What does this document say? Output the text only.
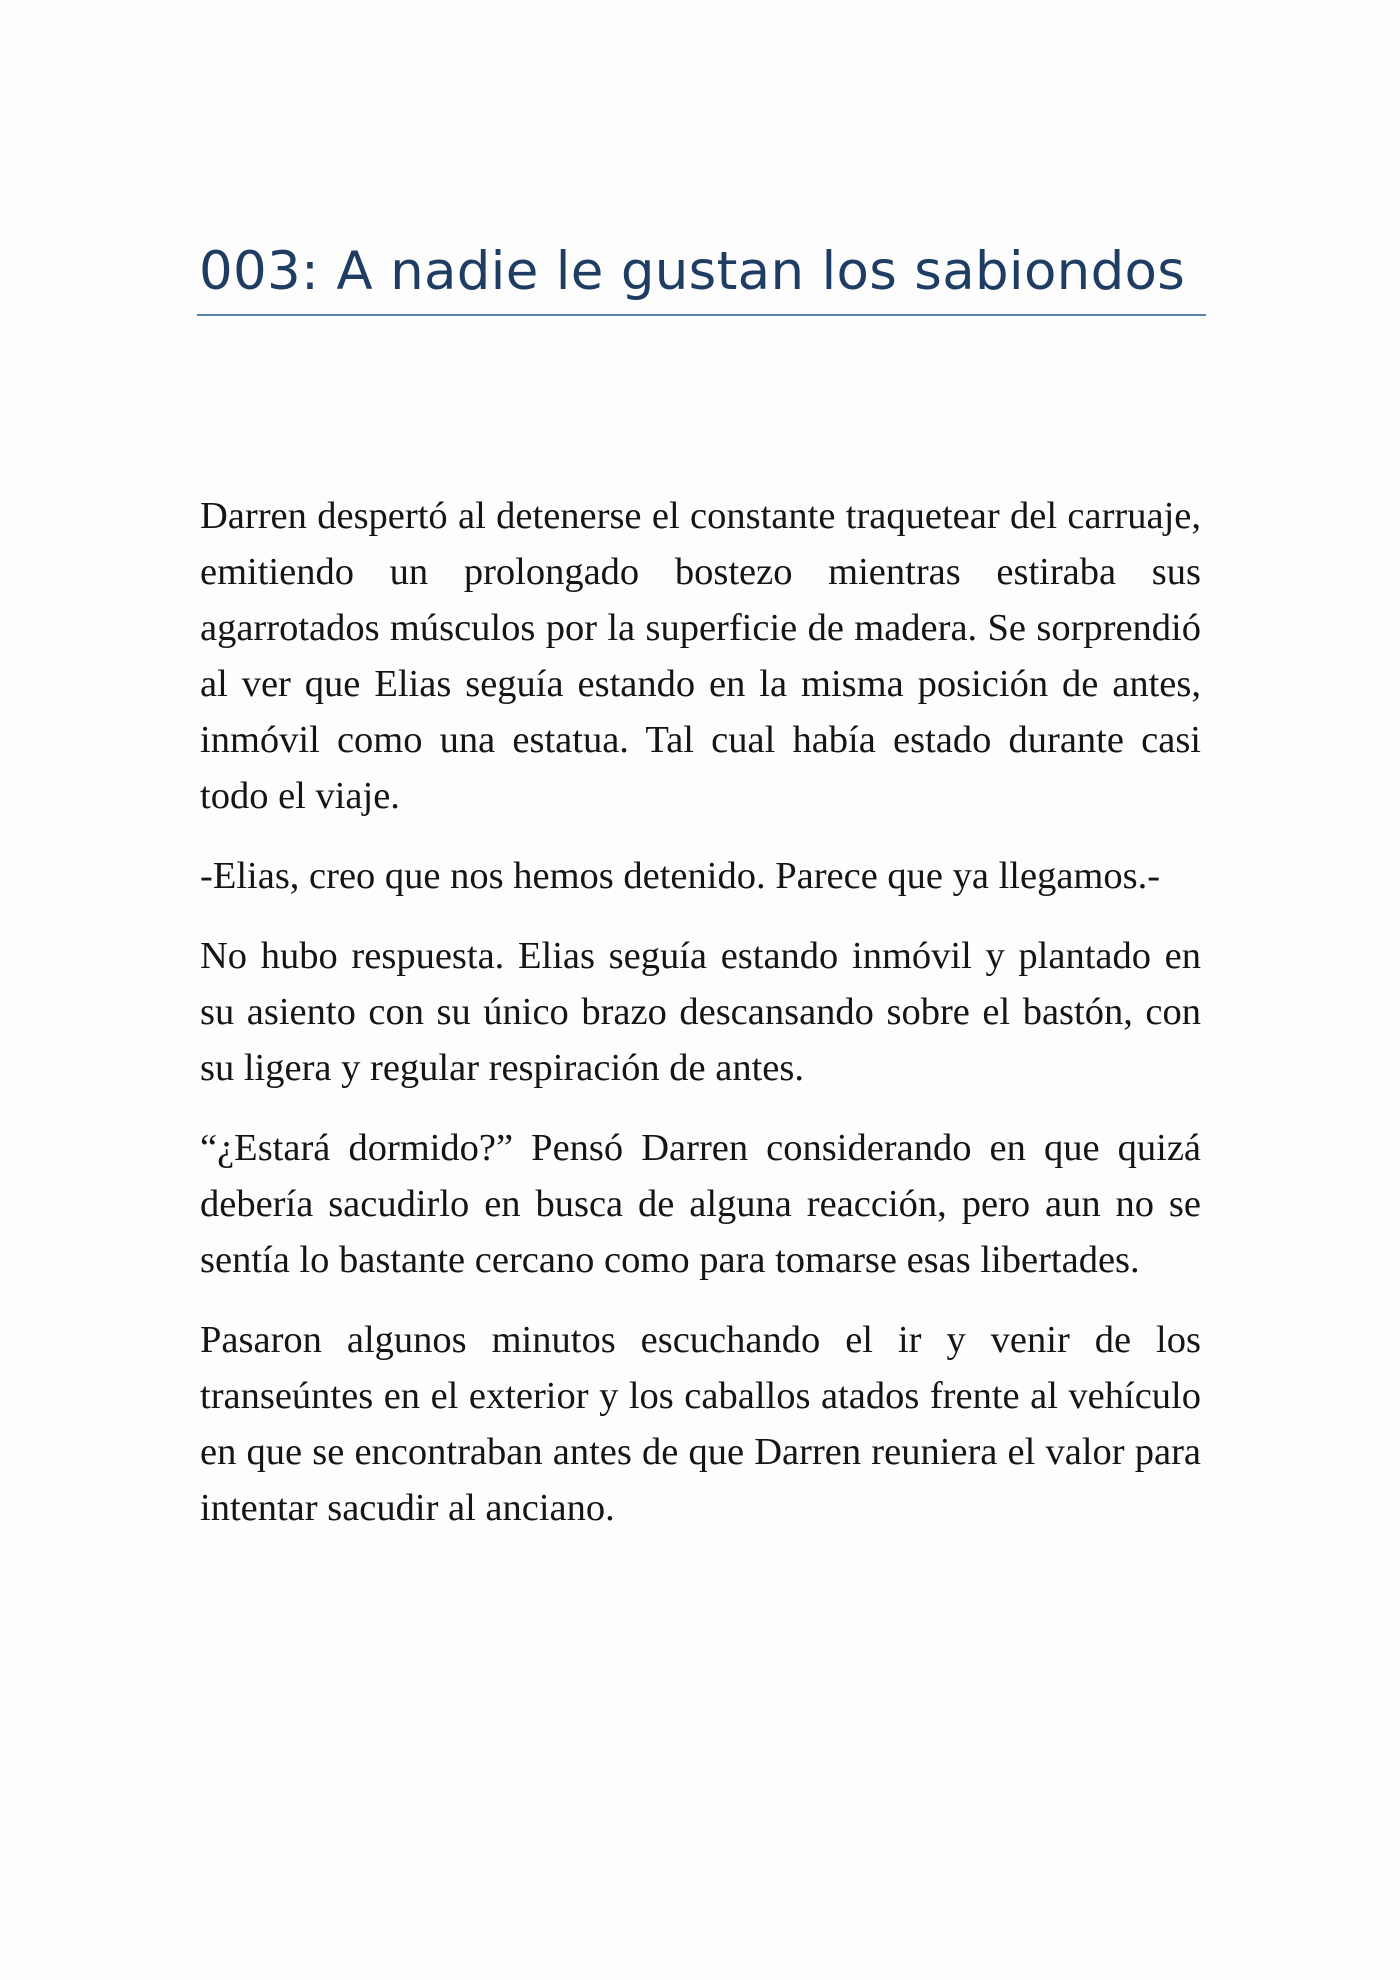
003: A nadie le gustan los sabiondos

Darren despertó al detenerse el constante traquetear del carruaje, emitiendo un prolongado bostezo mientras estiraba sus agarrotados músculos por la superficie de madera. Se sorprendió al ver que Elias seguía estando en la misma posición de antes, inmóvil como una estatua. Tal cual había estado durante casi todo el viaje.

-Elias, creo que nos hemos detenido. Parece que ya llegamos.-

No hubo respuesta. Elias seguía estando inmóvil y plantado en su asiento con su único brazo descansando sobre el bastón, con su ligera y regular respiración de antes.

“¿Estará dormido?” Pensó Darren considerando en que quizá debería sacudirlo en busca de alguna reacción, pero aun no se sentía lo bastante cercano como para tomarse esas libertades.

Pasaron algunos minutos escuchando el ir y venir de los transeúntes en el exterior y los caballos atados frente al vehículo en que se encontraban antes de que Darren reuniera el valor para intentar sacudir al anciano.
